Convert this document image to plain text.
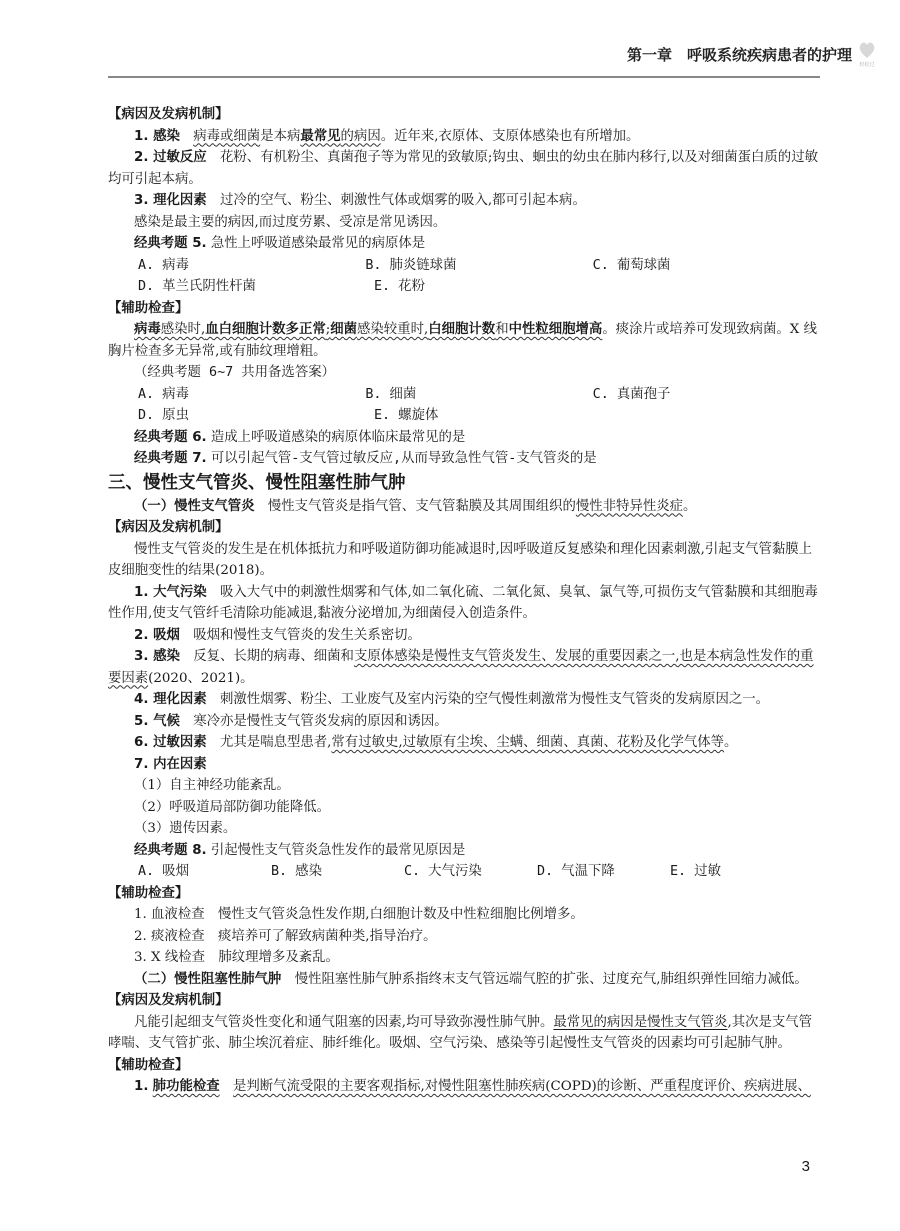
第一章　呼吸系统疾病患者的护理
轻松过

【病因及发病机制】

1. 感染　 病毒或细菌是本病最常见的病因。近年来,衣原体、支原体感染也有所增加。

2. 过敏反应　 花粉、有机粉尘、真菌孢子等为常见的致敏原;钩虫、蛔虫的幼虫在肺内移行,以及对细菌蛋白质的过敏均可引起本病。

3. 理化因素　 过冷的空气、粉尘、刺激性气体或烟雾的吸入,都可引起本病。

感染是最主要的病因,而过度劳累、受凉是常见诱因。

经典考题 5. 急性上呼吸道感染最常见的病原体是

A. 病毒	B. 肺炎链球菌	C. 葡萄球菌
D. 革兰氏阴性杆菌	E. 花粉

【辅助检查】

病毒感染时,血白细胞计数多正常;细菌感染较重时,白细胞计数和中性粒细胞增高。痰涂片或培养可发现致病菌。X 线胸片检查多无异常,或有肺纹理增粗。

（经典考题 6~7 共用备选答案）

A. 病毒	B. 细菌	C. 真菌孢子
D. 原虫	E. 螺旋体

经典考题 6. 造成上呼吸道感染的病原体临床最常见的是

经典考题 7. 可以引起气管-支气管过敏反应,从而导致急性气管-支气管炎的是

三、慢性支气管炎、慢性阻塞性肺气肿

（一）慢性支气管炎　 慢性支气管炎是指气管、支气管黏膜及其周围组织的慢性非特异性炎症。

【病因及发病机制】

慢性支气管炎的发生是在机体抵抗力和呼吸道防御功能减退时,因呼吸道反复感染和理化因素刺激,引起支气管黏膜上皮细胞变性的结果(2018)。

1. 大气污染　 吸入大气中的刺激性烟雾和气体,如二氧化硫、二氧化氮、臭氧、氯气等,可损伤支气管黏膜和其细胞毒性作用,使支气管纤毛清除功能减退,黏液分泌增加,为细菌侵入创造条件。

2. 吸烟　 吸烟和慢性支气管炎的发生关系密切。

3. 感染　 反复、长期的病毒、细菌和支原体感染是慢性支气管炎发生、发展的重要因素之一,也是本病急性发作的重要因素(2020、2021)。

4. 理化因素　 刺激性烟雾、粉尘、工业废气及室内污染的空气慢性刺激常为慢性支气管炎的发病原因之一。

5. 气候　 寒冷亦是慢性支气管炎发病的原因和诱因。

6. 过敏因素　 尤其是喘息型患者,常有过敏史,过敏原有尘埃、尘螨、细菌、真菌、花粉及化学气体等。

7. 内在因素

（1）自主神经功能紊乱。

（2）呼吸道局部防御功能降低。

（3）遗传因素。

经典考题 8. 引起慢性支气管炎急性发作的最常见原因是

A. 吸烟	B. 感染	C. 大气污染	D. 气温下降	E. 过敏

【辅助检查】

1. 血液检查　慢性支气管炎急性发作期,白细胞计数及中性粒细胞比例增多。

2. 痰液检查　痰培养可了解致病菌种类,指导治疗。

3. X 线检查　肺纹理增多及紊乱。

（二）慢性阻塞性肺气肿　 慢性阻塞性肺气肿系指终末支气管远端气腔的扩张、过度充气,肺组织弹性回缩力减低。

【病因及发病机制】

凡能引起细支气管炎性变化和通气阻塞的因素,均可导致弥漫性肺气肿。最常见的病因是慢性支气管炎,其次是支气管哮喘、支气管扩张、肺尘埃沉着症、肺纤维化。吸烟、空气污染、感染等引起慢性支气管炎的因素均可引起肺气肿。

【辅助检查】

1. 肺功能检查　 是判断气流受限的主要客观指标,对慢性阻塞性肺疾病(COPD)的诊断、严重程度评价、疾病进展、

3
